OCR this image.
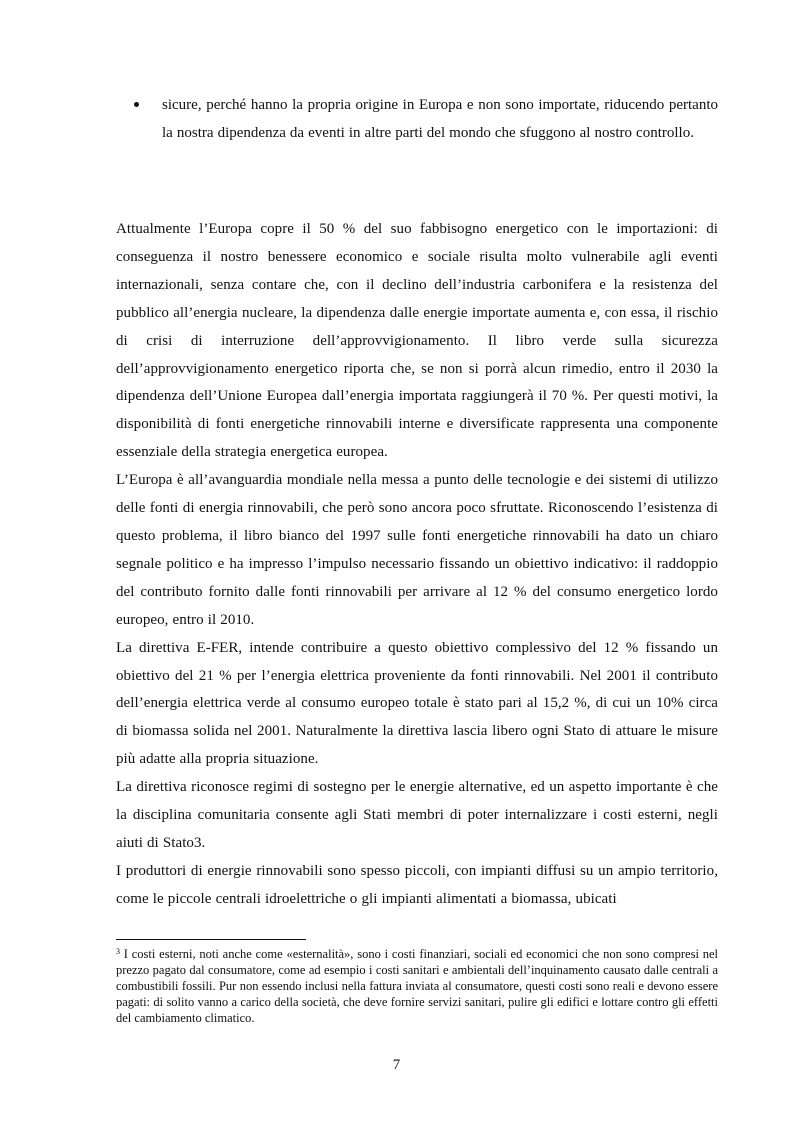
sicure, perché hanno la propria origine in Europa e non sono importate, riducendo pertanto la nostra dipendenza da eventi in altre parti del mondo che sfuggono al nostro controllo.

Attualmente l’Europa copre il 50 % del suo fabbisogno energetico con le importazioni: di conseguenza il nostro benessere economico e sociale risulta molto vulnerabile agli eventi internazionali, senza contare che, con il declino dell’industria carbonifera e la resistenza del pubblico all’energia nucleare, la dipendenza dalle energie importate aumenta e, con essa, il rischio di crisi di interruzione dell’approvvigionamento. Il libro verde sulla sicurezza dell’approvvigionamento energetico riporta che, se non si porrà alcun rimedio, entro il 2030 la dipendenza dell’Unione Europea dall’energia importata raggiungerà il 70 %. Per questi motivi, la disponibilità di fonti energetiche rinnovabili interne e diversificate rappresenta una componente essenziale della strategia energetica europea.

L’Europa è all’avanguardia mondiale nella messa a punto delle tecnologie e dei sistemi di utilizzo delle fonti di energia rinnovabili, che però sono ancora poco sfruttate. Riconoscendo l’esistenza di questo problema, il libro bianco del 1997 sulle fonti energetiche rinnovabili ha dato un chiaro segnale politico e ha impresso l’impulso necessario fissando un obiettivo indicativo: il raddoppio del contributo fornito dalle fonti rinnovabili per arrivare al 12 % del consumo energetico lordo europeo, entro il 2010.

La direttiva E-FER, intende contribuire a questo obiettivo complessivo del 12 % fissando un obiettivo del 21 % per l’energia elettrica proveniente da fonti rinnovabili. Nel 2001 il contributo dell’energia elettrica verde al consumo europeo totale è stato pari al 15,2 %, di cui un 10% circa di biomassa solida nel 2001. Naturalmente la direttiva lascia libero ogni Stato di attuare le misure più adatte alla propria situazione.

La direttiva riconosce regimi di sostegno per le energie alternative, ed un aspetto importante è che la disciplina comunitaria consente agli Stati membri di poter internalizzare i costi esterni, negli aiuti di Stato3.

I produttori di energie rinnovabili sono spesso piccoli, con impianti diffusi su un ampio territorio, come le piccole centrali idroelettriche o gli impianti alimentati a biomassa, ubicati

$^3$ I costi esterni, noti anche come «esternalità», sono i costi finanziari, sociali ed economici che non sono compresi nel prezzo pagato dal consumatore, come ad esempio i costi sanitari e ambientali dell’inquinamento causato dalle centrali a combustibili fossili. Pur non essendo inclusi nella fattura inviata al consumatore, questi costi sono reali e devono essere pagati: di solito vanno a carico della società, che deve fornire servizi sanitari, pulire gli edifici e lottare contro gli effetti del cambiamento climatico.
7
